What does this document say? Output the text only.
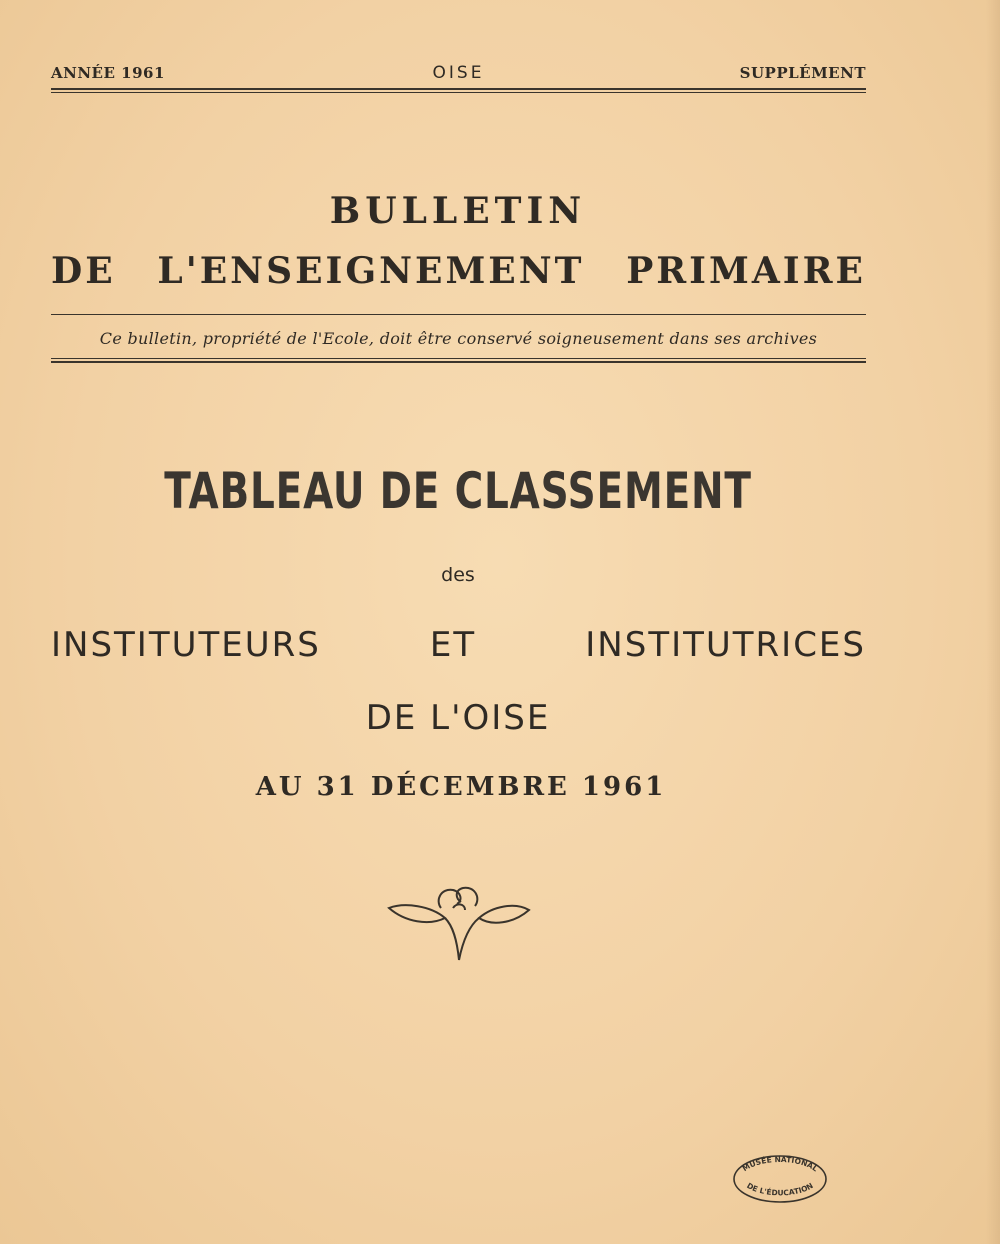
ANNÉE 1961	OISE	SUPPLÉMENT
BULLETIN
DE L'ENSEIGNEMENT PRIMAIRE
Ce bulletin, propriété de l'Ecole, doit être conservé soigneusement dans ses archives
TABLEAU DE CLASSEMENT
des
INSTITUTEURS ET INSTITUTRICES
DE L'OISE
AU 31 DÉCEMBRE 1961
MUSÉE NATIONAL
DE L'ÉDUCATION
